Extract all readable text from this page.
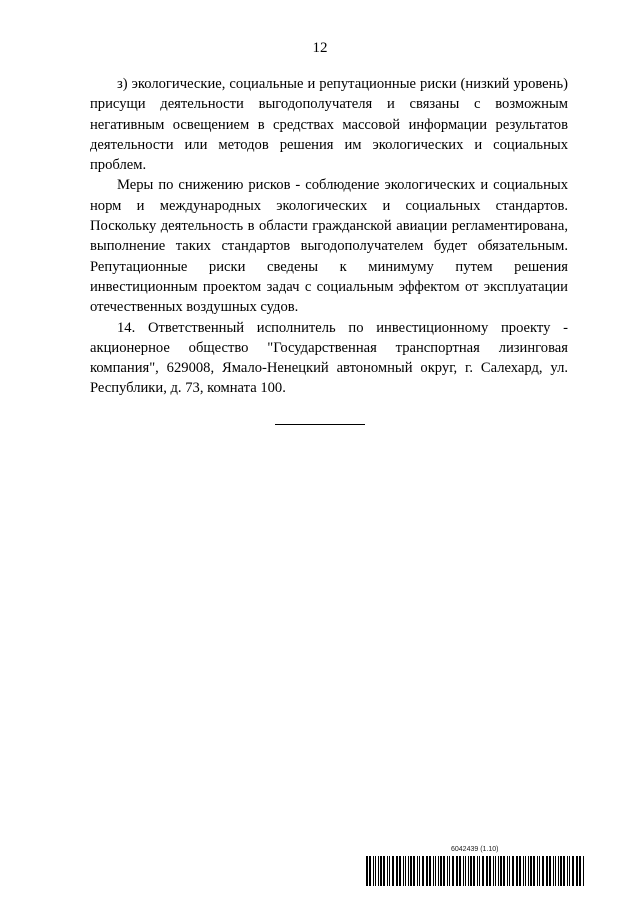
12

з) экологические, социальные и репутационные риски (низкий уровень) присущи деятельности выгодополучателя и связаны с возможным негативным освещением в средствах массовой информации результатов деятельности или методов решения им экологических и социальных проблем.

Меры по снижению рисков - соблюдение экологических и социальных норм и международных экологических и социальных стандартов. Поскольку деятельность в области гражданской авиации регламентирована, выполнение таких стандартов выгодополучателем будет обязательным. Репутационные риски сведены к минимуму путем решения инвестиционным проектом задач с социальным эффектом от эксплуатации отечественных воздушных судов.

14. Ответственный исполнитель по инвестиционному проекту - акционерное общество "Государственная транспортная лизинговая компания", 629008, Ямало-Ненецкий автономный округ, г. Салехард, ул. Республики, д. 73, комната 100.

6042439 (1.10)
